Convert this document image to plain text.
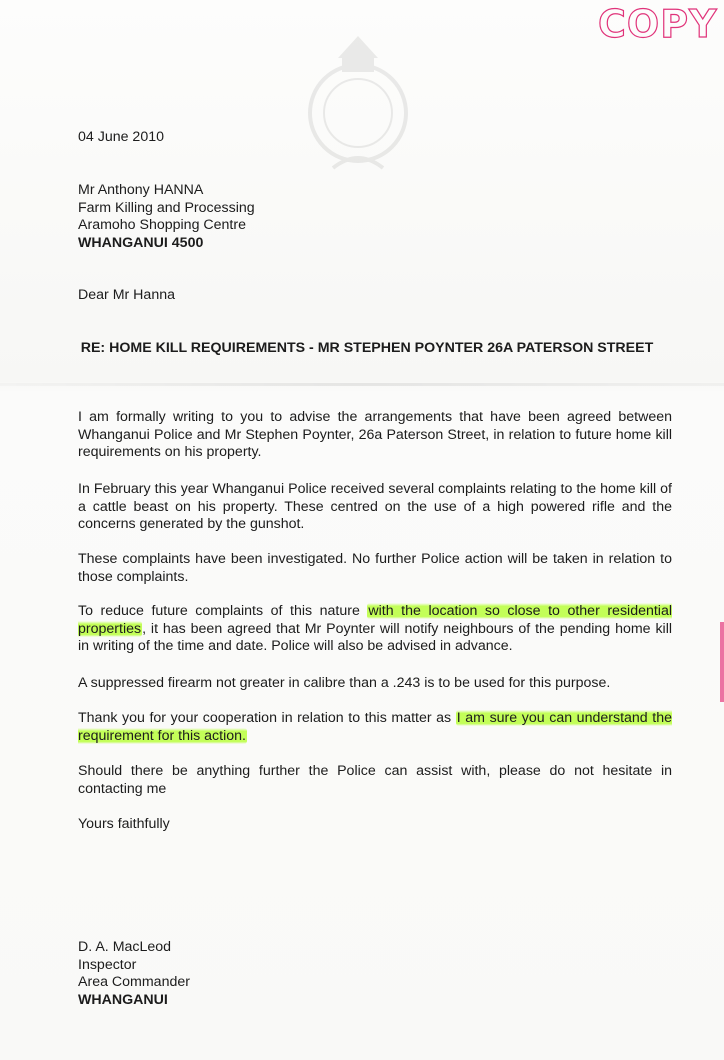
COPY
04 June 2010
Mr Anthony HANNA
Farm Killing and Processing
Aramoho Shopping Centre
WHANGANUI 4500

Dear Mr Hanna
RE: HOME KILL REQUIREMENTS - MR STEPHEN POYNTER 26A PATERSON STREET
I am formally writing to you to advise the arrangements that have been agreed between Whanganui Police and Mr Stephen Poynter, 26a Paterson Street, in relation to future home kill requirements on his property.
In February this year Whanganui Police received several complaints relating to the home kill of a cattle beast on his property. These centred on the use of a high powered rifle and the concerns generated by the gunshot.
These complaints have been investigated. No further Police action will be taken in relation to those complaints.
To reduce future complaints of this nature with the location so close to other residential properties, it has been agreed that Mr Poynter will notify neighbours of the pending home kill in writing of the time and date. Police will also be advised in advance.
A suppressed firearm not greater in calibre than a .243 is to be used for this purpose.
Thank you for your cooperation in relation to this matter as I am sure you can understand the requirement for this action.
Should there be anything further the Police can assist with, please do not hesitate in contacting me
Yours faithfully
D. A. MacLeod
Inspector
Area Commander
WHANGANUI
